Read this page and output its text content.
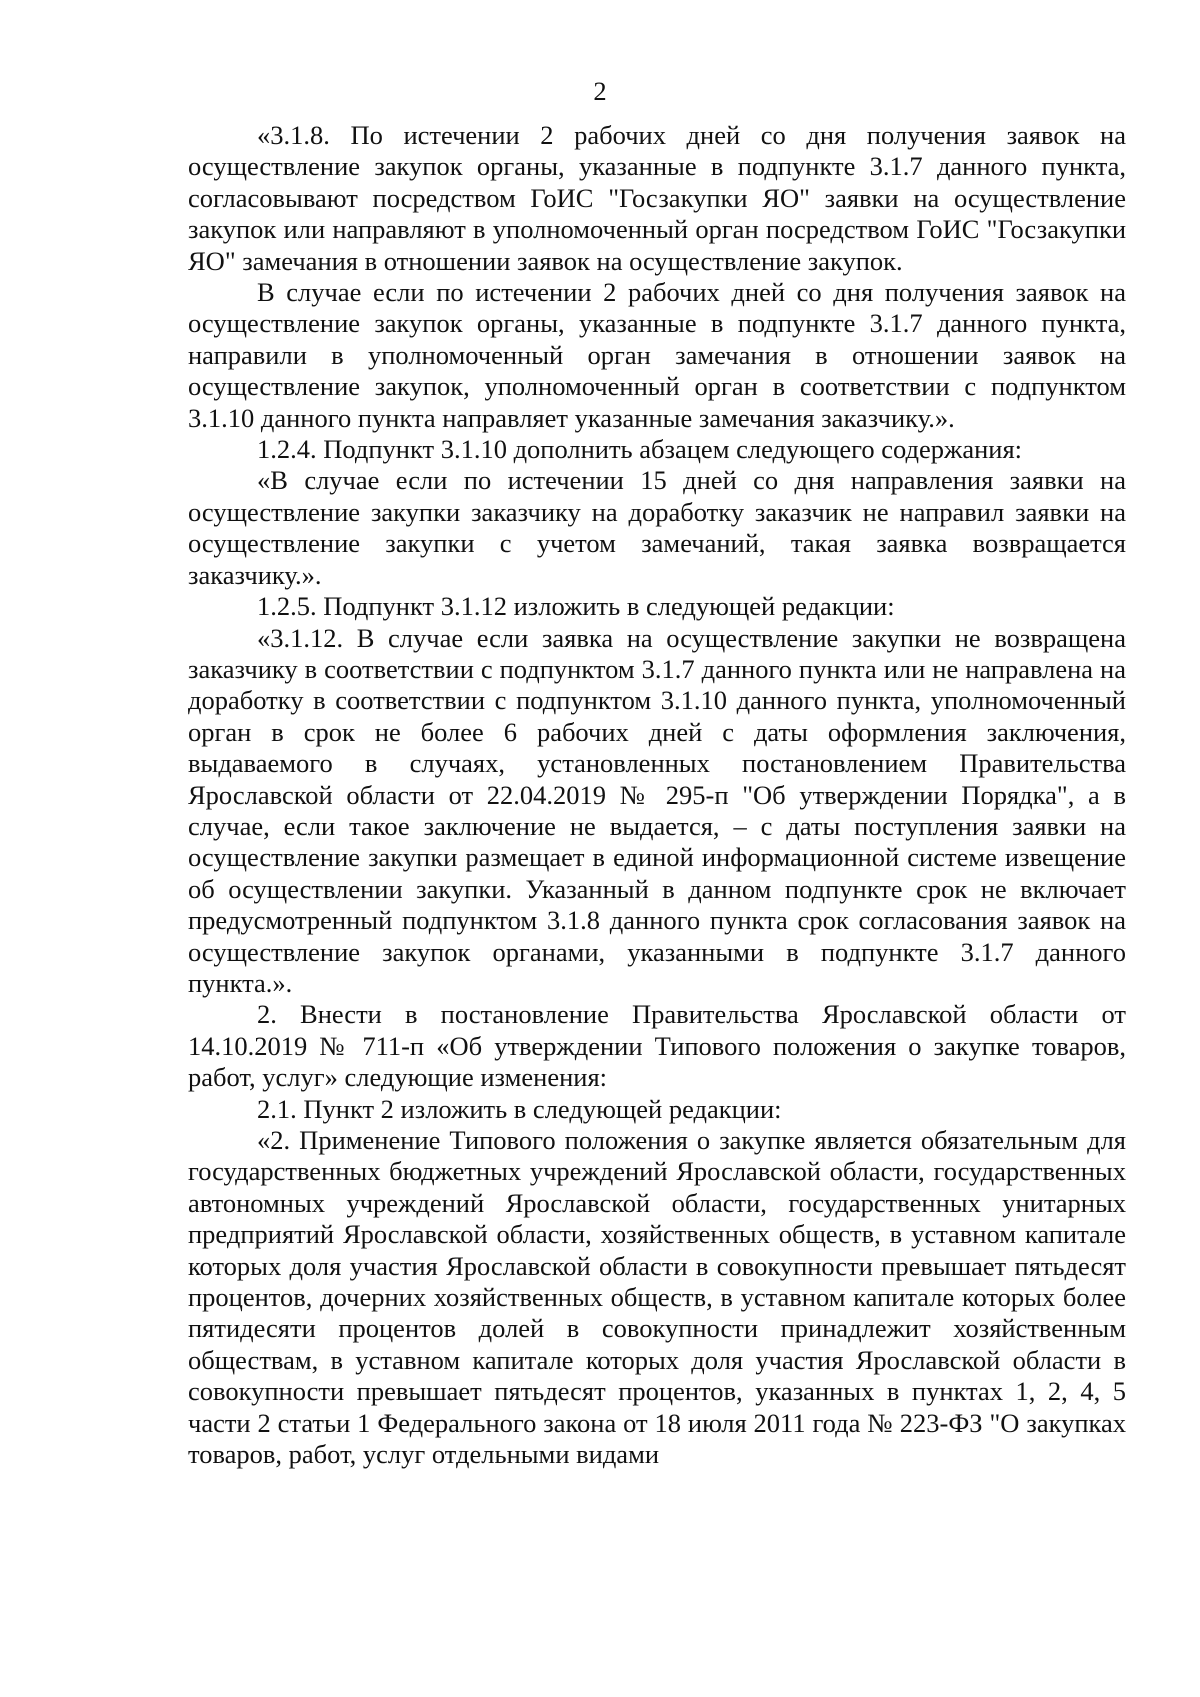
2

«3.1.8. По истечении 2 рабочих дней со дня получения заявок на осуществление закупок органы, указанные в подпункте 3.1.7 данного пункта, согласовывают посредством ГоИС "Госзакупки ЯО" заявки на осуществление закупок или направляют в уполномоченный орган посредством ГоИС "Госзакупки ЯО" замечания в отношении заявок на осуществление закупок.

В случае если по истечении 2 рабочих дней со дня получения заявок на осуществление закупок органы, указанные в подпункте 3.1.7 данного пункта, направили в уполномоченный орган замечания в отношении заявок на осуществление закупок, уполномоченный орган в соответствии с подпунктом 3.1.10 данного пункта направляет указанные замечания заказчику.».

1.2.4. Подпункт 3.1.10 дополнить абзацем следующего содержания:

«В случае если по истечении 15 дней со дня направления заявки на осуществление закупки заказчику на доработку заказчик не направил заявки на осуществление закупки с учетом замечаний, такая заявка возвращается заказчику.».

1.2.5. Подпункт 3.1.12 изложить в следующей редакции:

«3.1.12. В случае если заявка на осуществление закупки не возвращена заказчику в соответствии с подпунктом 3.1.7 данного пункта или не направлена на доработку в соответствии с подпунктом 3.1.10 данного пункта, уполномоченный орган в срок не более 6 рабочих дней с даты оформления заключения, выдаваемого в случаях, установленных постановлением Правительства Ярославской области от 22.04.2019 № 295-п "Об утверждении Порядка", а в случае, если такое заключение не выдается, – с даты поступления заявки на осуществление закупки размещает в единой информационной системе извещение об осуществлении закупки. Указанный в данном подпункте срок не включает предусмотренный подпунктом 3.1.8 данного пункта срок согласования заявок на осуществление закупок органами, указанными в подпункте 3.1.7 данного пункта.».

2. Внести в постановление Правительства Ярославской области от 14.10.2019 № 711-п «Об утверждении Типового положения о закупке товаров, работ, услуг» следующие изменения:

2.1. Пункт 2 изложить в следующей редакции:

«2. Применение Типового положения о закупке является обязательным для государственных бюджетных учреждений Ярославской области, государственных автономных учреждений Ярославской области, государственных унитарных предприятий Ярославской области, хозяйственных обществ, в уставном капитале которых доля участия Ярославской области в совокупности превышает пятьдесят процентов, дочерних хозяйственных обществ, в уставном капитале которых более пятидесяти процентов долей в совокупности принадлежит хозяйственным обществам, в уставном капитале которых доля участия Ярославской области в совокупности превышает пятьдесят процентов, указанных в пунктах 1, 2, 4, 5 части 2 статьи 1 Федерального закона от 18 июля 2011 года № 223-ФЗ "О закупках товаров, работ, услуг отдельными видами
